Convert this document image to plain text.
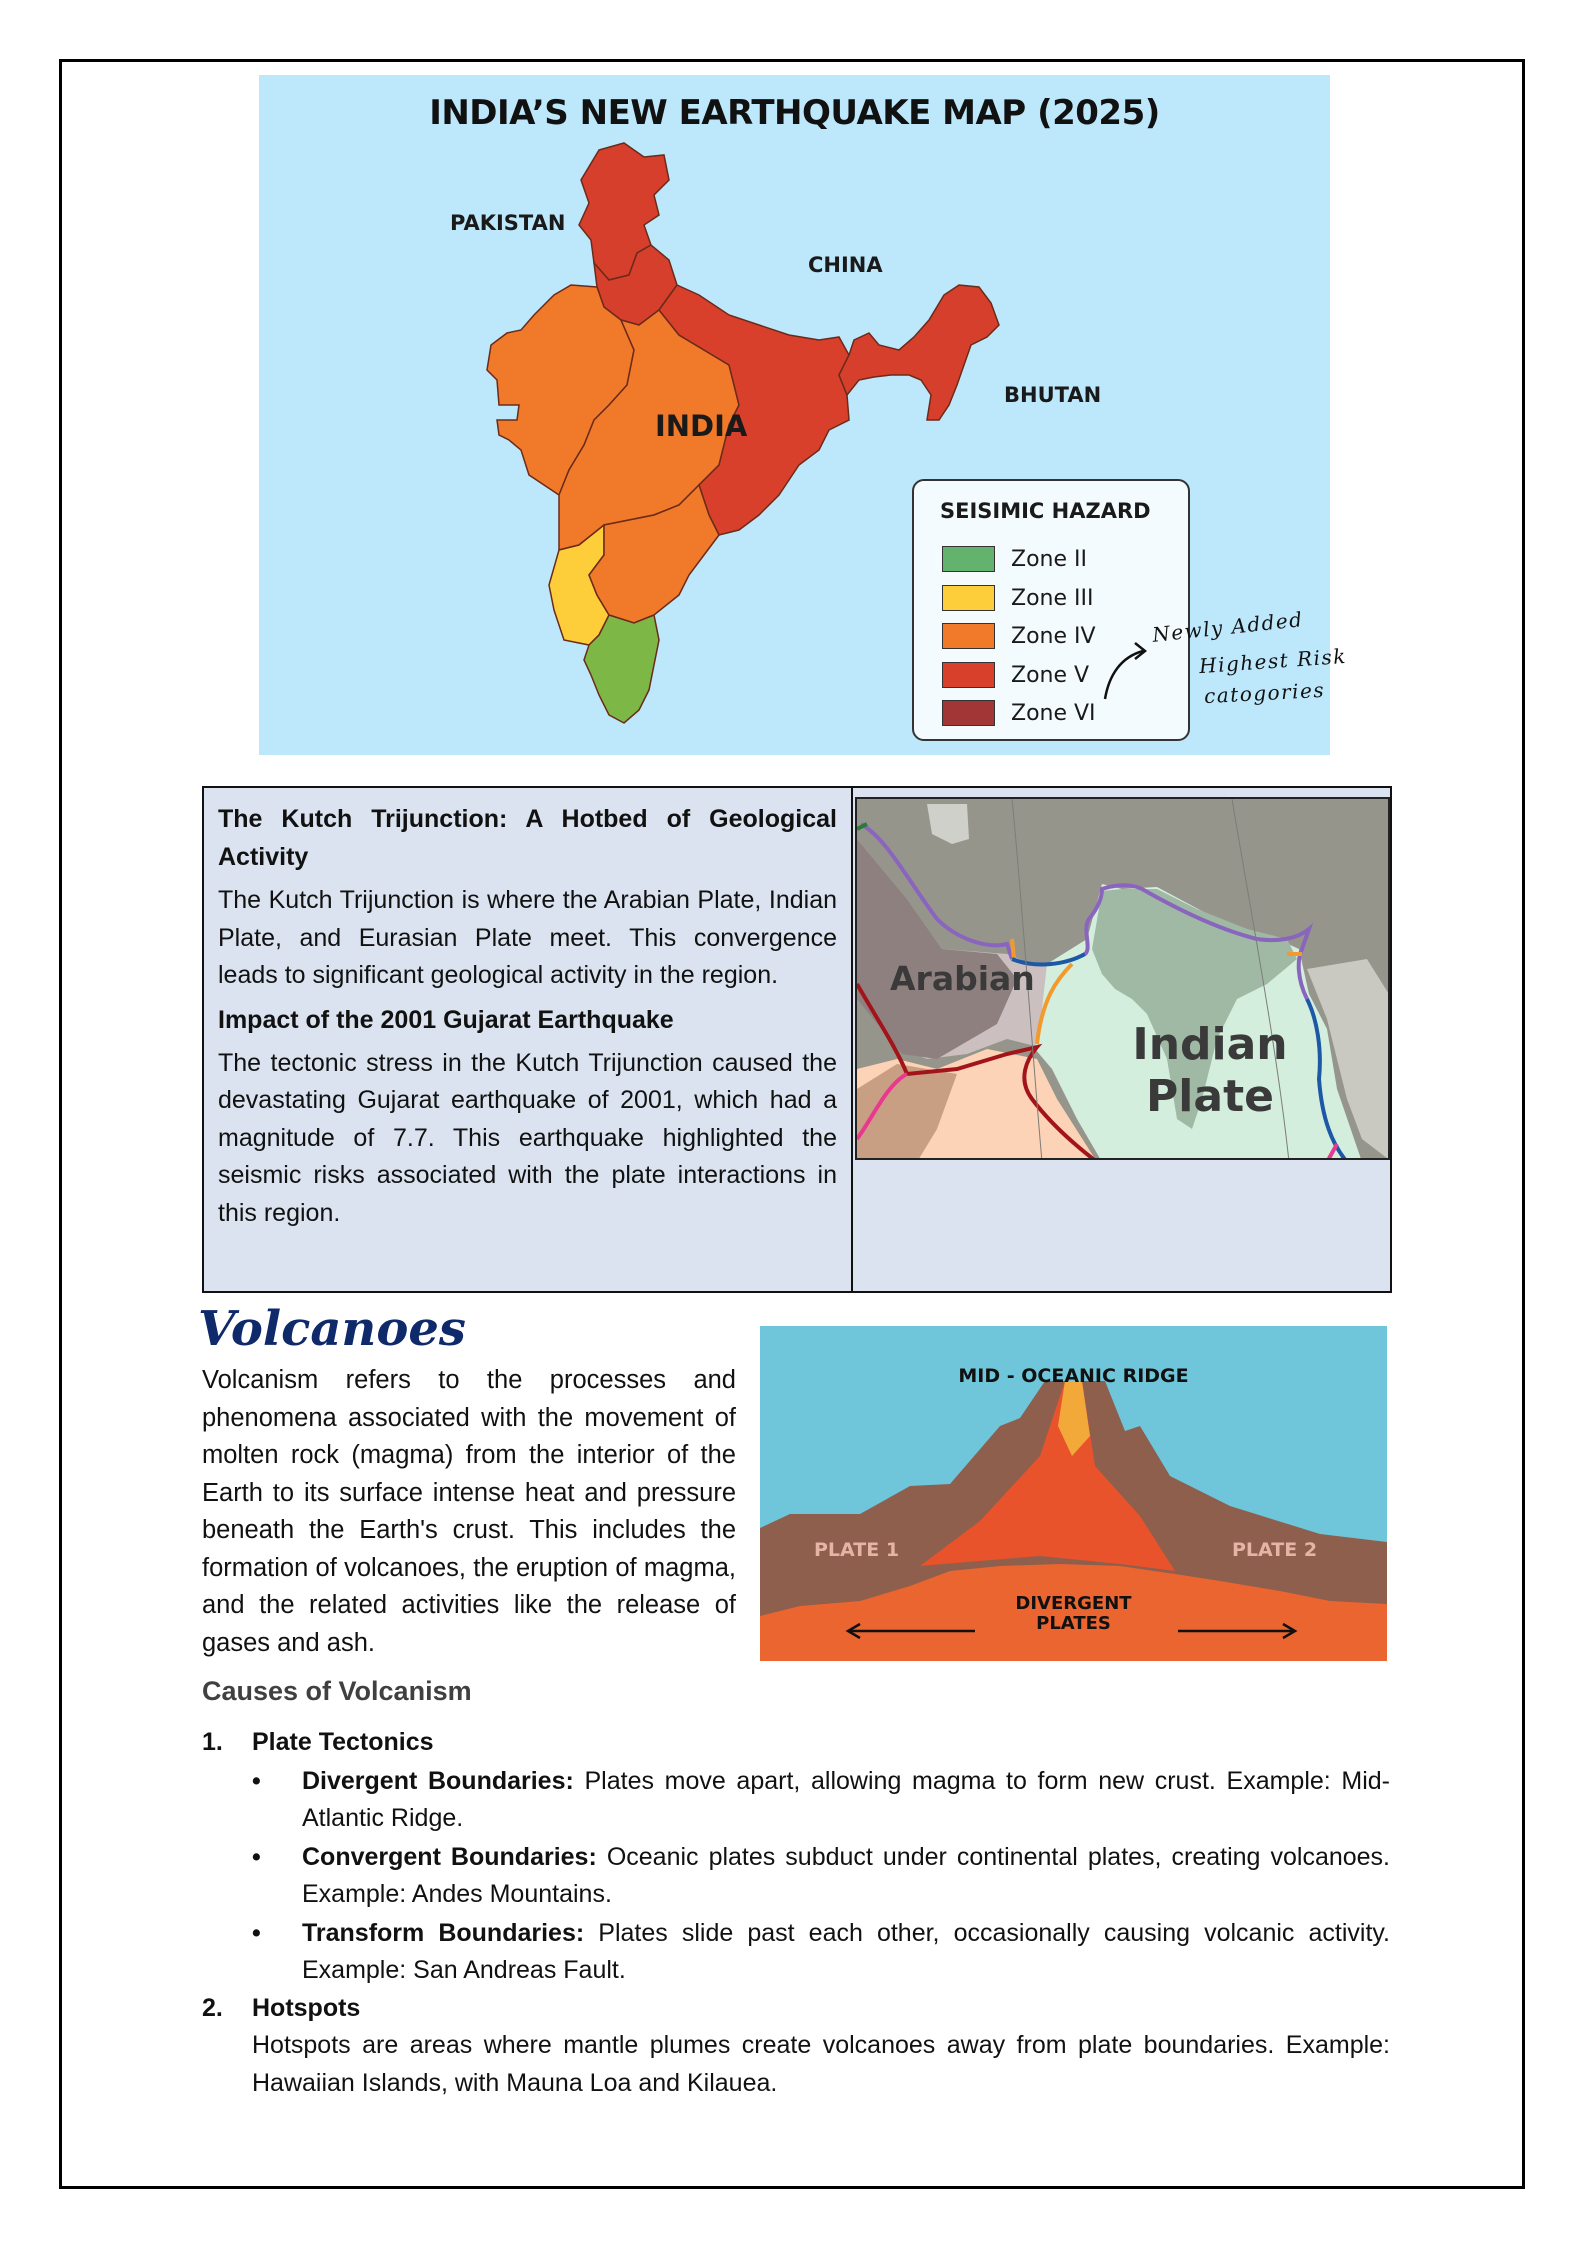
INDIA’S NEW EARTHQUAKE MAP (2025)
PAKISTAN
CHINA
BHUTAN
INDIA
SEISIMIC HAZARD
Zone II
Zone III
Zone IV
Zone V
Zone VI
Newly Added
Highest Risk
catogories
The Kutch Trijunction: A Hotbed of Geological Activity

The Kutch Trijunction is where the Arabian Plate, Indian Plate, and Eurasian Plate meet. This convergence leads to significant geological activity in the region.

Impact of the 2001 Gujarat Earthquake

The tectonic stress in the Kutch Trijunction caused the devastating Gujarat earthquake of 2001, which had a magnitude of 7.7. This earthquake highlighted the seismic risks associated with the plate interactions in this region.

Arabian
Indian
Plate
Volcanoes

Volcanism refers to the processes and phenomena associated with the movement of molten rock (magma) from the interior of the Earth to its surface intense heat and pressure beneath the Earth's crust. This includes the formation of volcanoes, the eruption of magma, and the related activities like the release of gases and ash.

MID - OCEANIC RIDGE
PLATE 1	PLATE 2
DIVERGENT
PLATES
Causes of Volcanism
1. Plate Tectonics
• Divergent Boundaries: Plates move apart, allowing magma to form new crust. Example: Mid-Atlantic Ridge.
• Convergent Boundaries: Oceanic plates subduct under continental plates, creating volcanoes. Example: Andes Mountains.
• Transform Boundaries: Plates slide past each other, occasionally causing volcanic activity. Example: San Andreas Fault.
2. Hotspots
Hotspots are areas where mantle plumes create volcanoes away from plate boundaries. Example: Hawaiian Islands, with Mauna Loa and Kilauea.
